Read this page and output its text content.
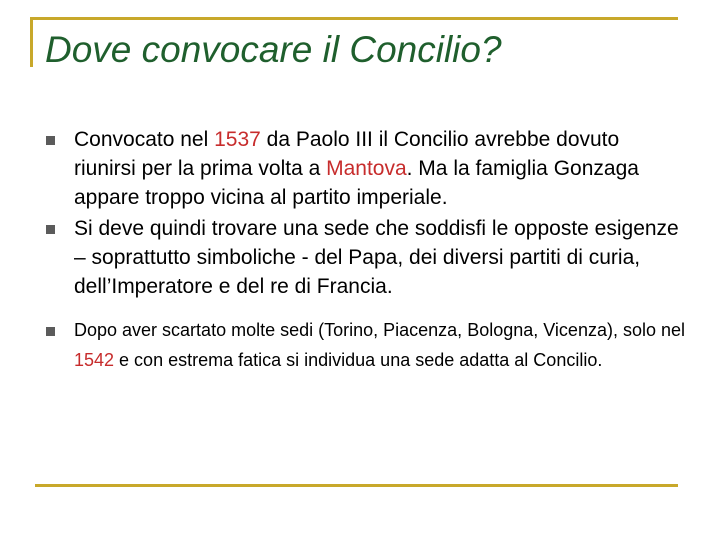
Dove convocare il Concilio?
Convocato nel 1537 da Paolo III il Concilio avrebbe dovuto riunirsi per la prima volta a Mantova. Ma la famiglia Gonzaga appare troppo vicina al partito imperiale.
Si deve quindi trovare una sede che soddisfi le opposte esigenze – soprattutto simboliche - del Papa, dei diversi partiti di curia, dell’Imperatore e del re di Francia.
Dopo aver scartato molte sedi (Torino, Piacenza, Bologna, Vicenza), solo nel 1542 e con estrema fatica si individua una sede adatta al Concilio.
